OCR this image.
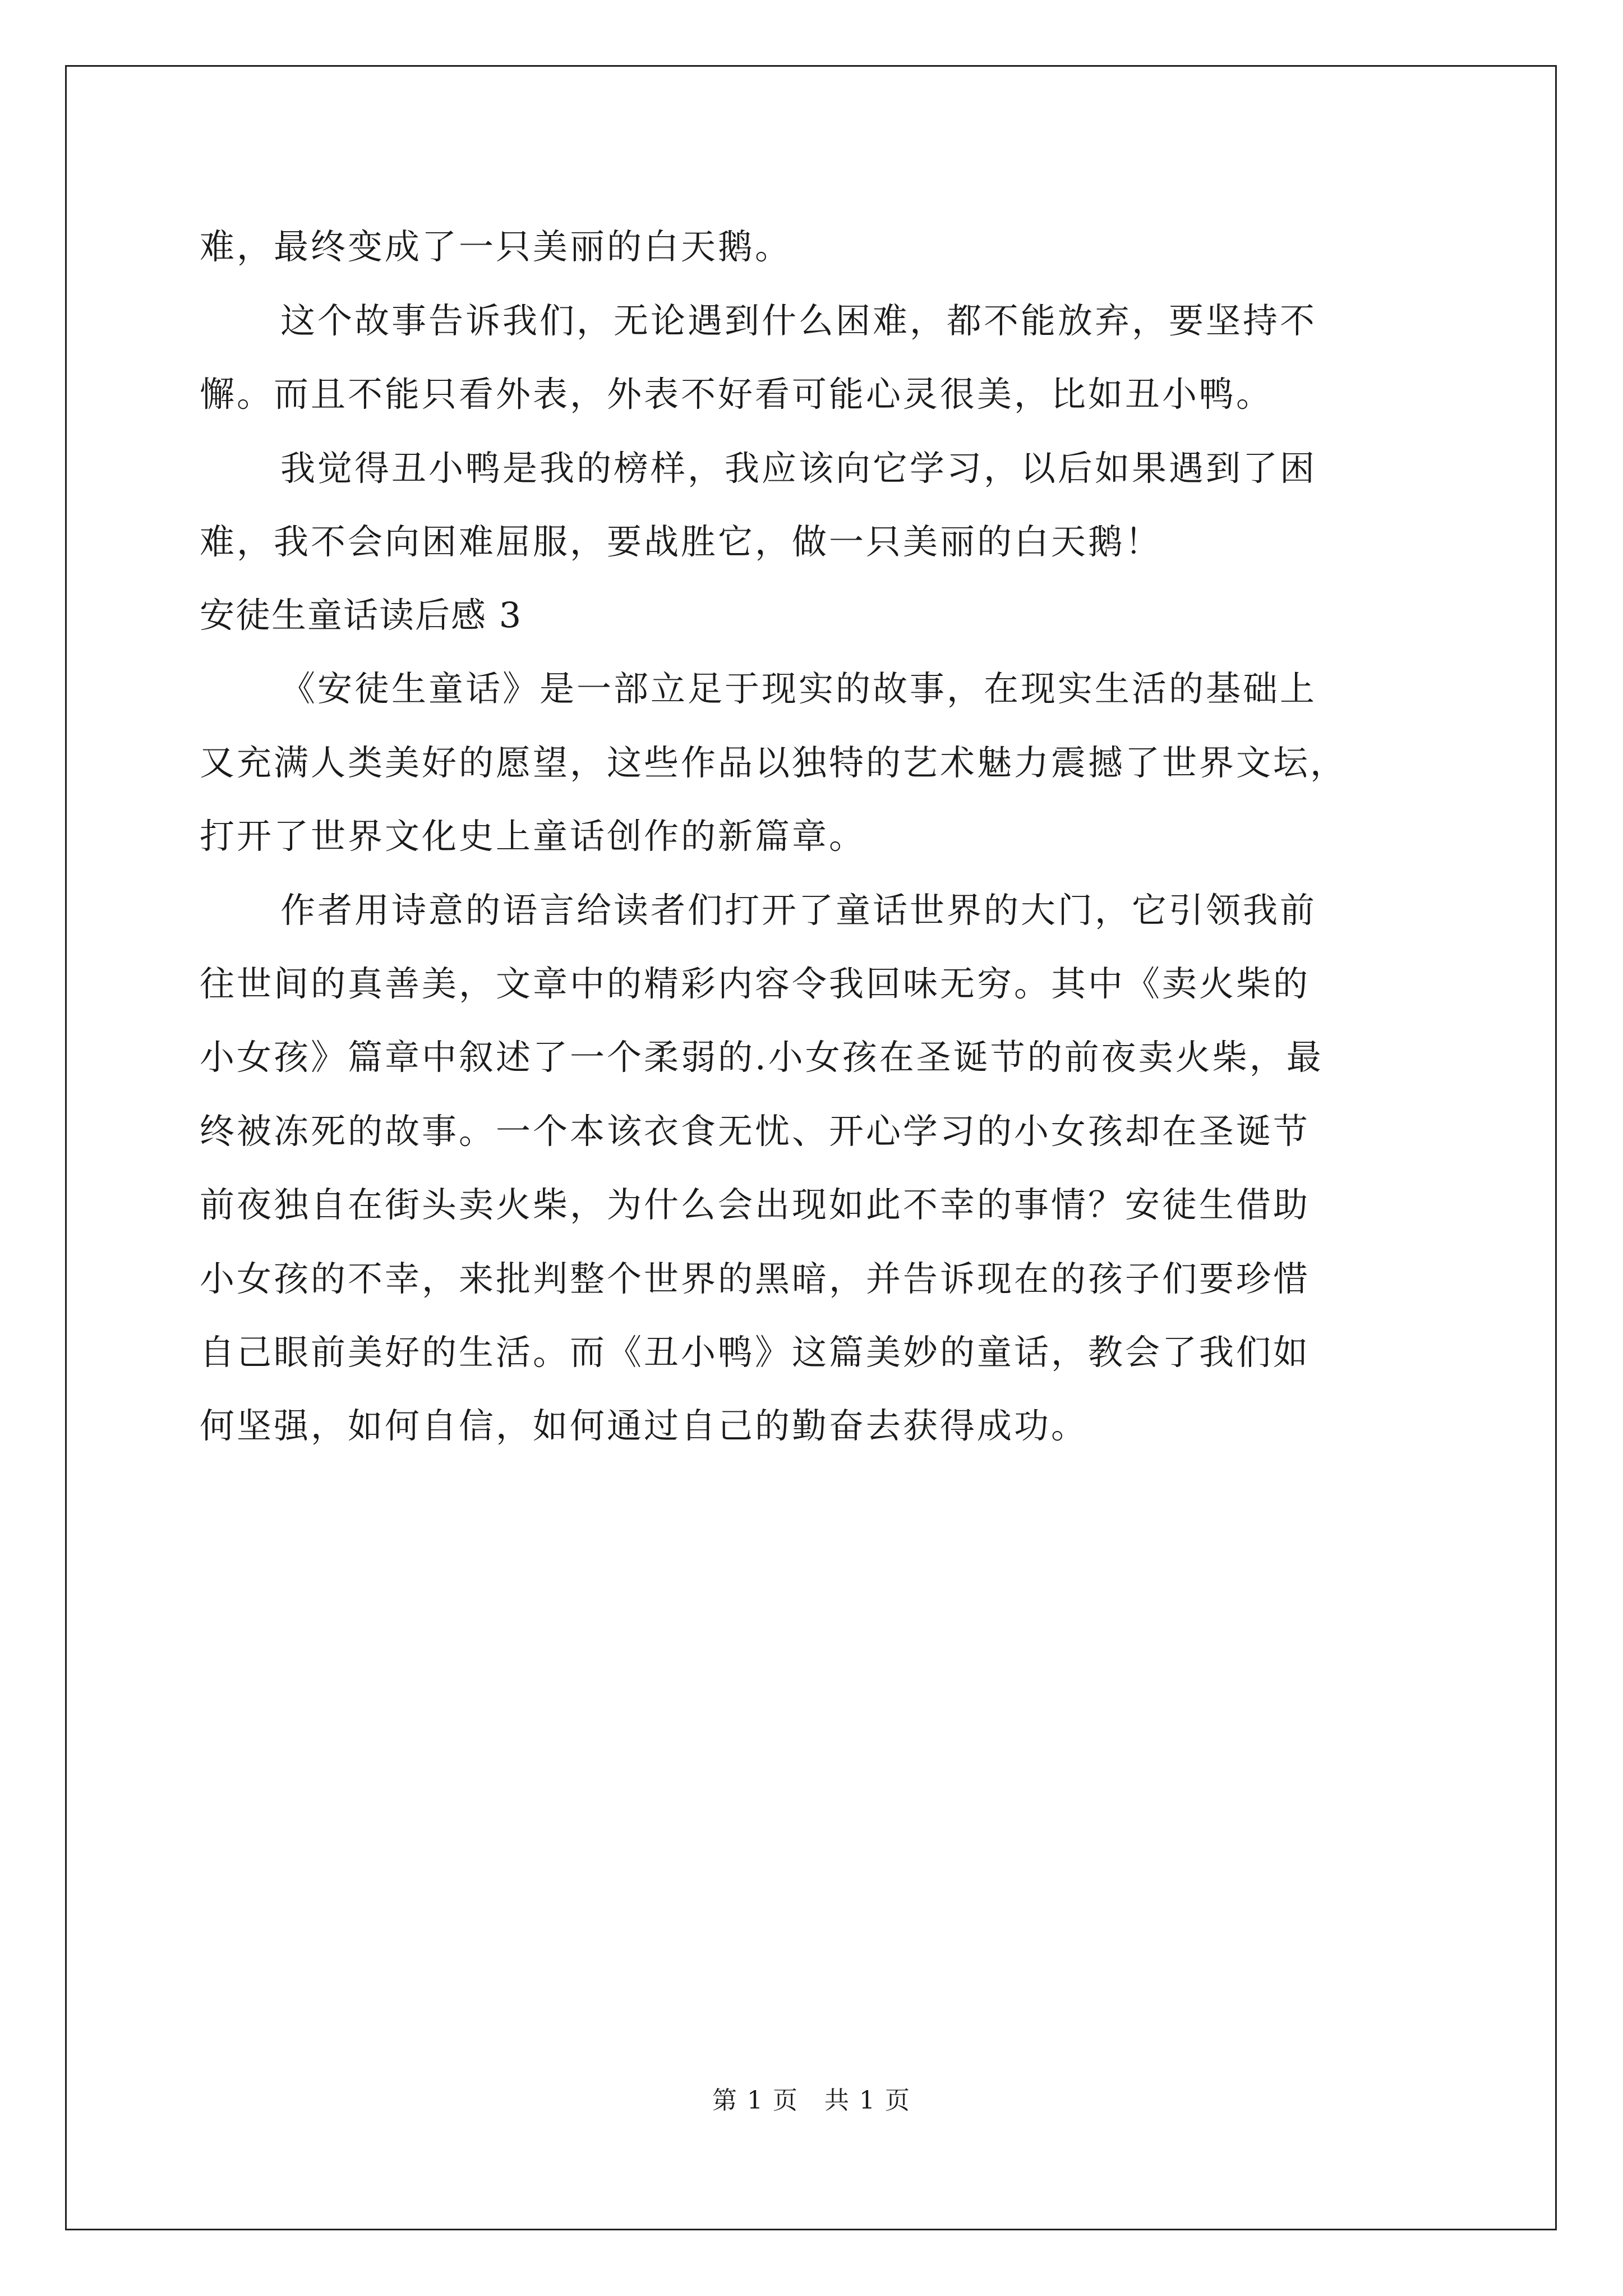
难，最终变成了一只美丽的白天鹅。
这个故事告诉我们，无论遇到什么困难，都不能放弃，要坚持不
懈。而且不能只看外表，外表不好看可能心灵很美，比如丑小鸭。
我觉得丑小鸭是我的榜样，我应该向它学习，以后如果遇到了困
难，我不会向困难屈服，要战胜它，做一只美丽的白天鹅！
安徒生童话读后感 3
《安徒生童话》是一部立足于现实的故事，在现实生活的基础上
又充满人类美好的愿望，这些作品以独特的艺术魅力震撼了世界文坛，
打开了世界文化史上童话创作的新篇章。
作者用诗意的语言给读者们打开了童话世界的大门，它引领我前
往世间的真善美，文章中的精彩内容令我回味无穷。其中《卖火柴的
小女孩》篇章中叙述了一个柔弱的.小女孩在圣诞节的前夜卖火柴，最
终被冻死的故事。一个本该衣食无忧、开心学习的小女孩却在圣诞节
前夜独自在街头卖火柴，为什么会出现如此不幸的事情？安徒生借助
小女孩的不幸，来批判整个世界的黑暗，并告诉现在的孩子们要珍惜
自己眼前美好的生活。而《丑小鸭》这篇美妙的童话，教会了我们如
何坚强，如何自信，如何通过自己的勤奋去获得成功。
第 1 页　共 1 页
